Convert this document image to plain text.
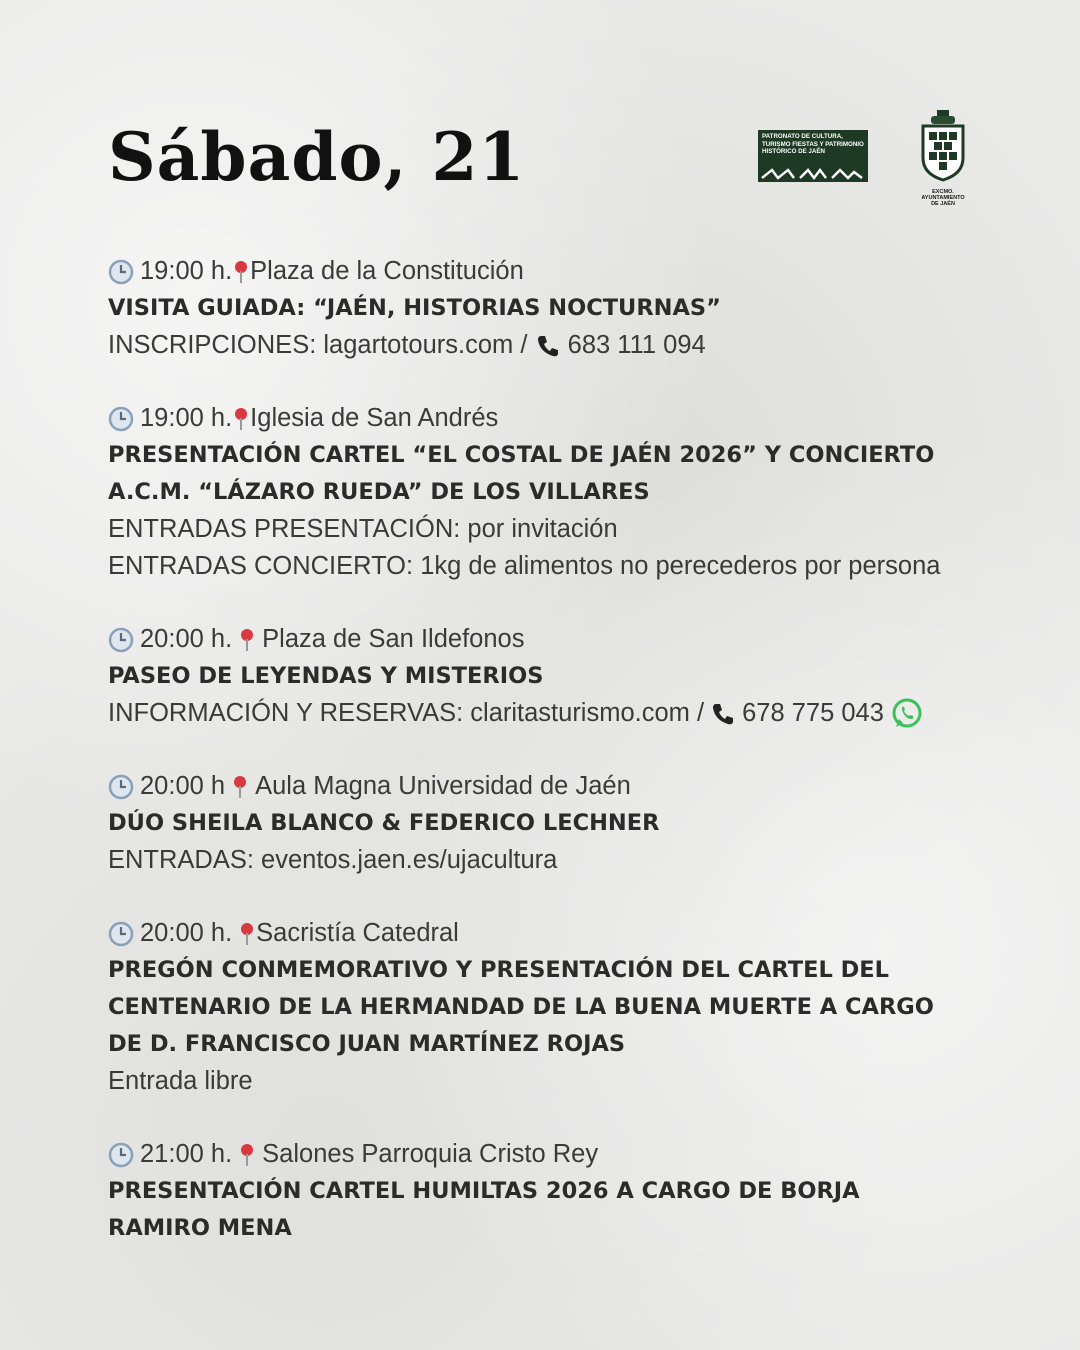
Sábado, 21	PATRONATO DE CULTURA, TURISMO FIESTAS Y PATRIMONIO HISTÓRICO DE JAÉN
EXCMO. AYUNTAMIENTO DE JAÉN
19:00 h. Plaza de la Constitución
VISITA GUIADA: “JAÉN, HISTORIAS NOCTURNAS”
INSCRIPCIONES: lagartotours.com / 683 111 094
19:00 h. Iglesia de San Andrés
PRESENTACIÓN CARTEL “EL COSTAL DE JAÉN 2026” Y CONCIERTO A.C.M. “LÁZARO RUEDA” DE LOS VILLARES
ENTRADAS PRESENTACIÓN: por invitación
ENTRADAS CONCIERTO: 1kg de alimentos no perecederos por persona
20:00 h. Plaza de San Ildefonos
PASEO DE LEYENDAS Y MISTERIOS
INFORMACIÓN Y RESERVAS: claritasturismo.com / 678 775 043
20:00 h Aula Magna Universidad de Jaén
DÚO SHEILA BLANCO & FEDERICO LECHNER
ENTRADAS: eventos.jaen.es/ujacultura
20:00 h. Sacristía Catedral
PREGÓN CONMEMORATIVO Y PRESENTACIÓN DEL CARTEL DEL CENTENARIO DE LA HERMANDAD DE LA BUENA MUERTE A CARGO DE D. FRANCISCO JUAN MARTÍNEZ ROJAS
Entrada libre
21:00 h. Salones Parroquia Cristo Rey
PRESENTACIÓN CARTEL HUMILTAS 2026 A CARGO DE BORJA RAMIRO MENA
